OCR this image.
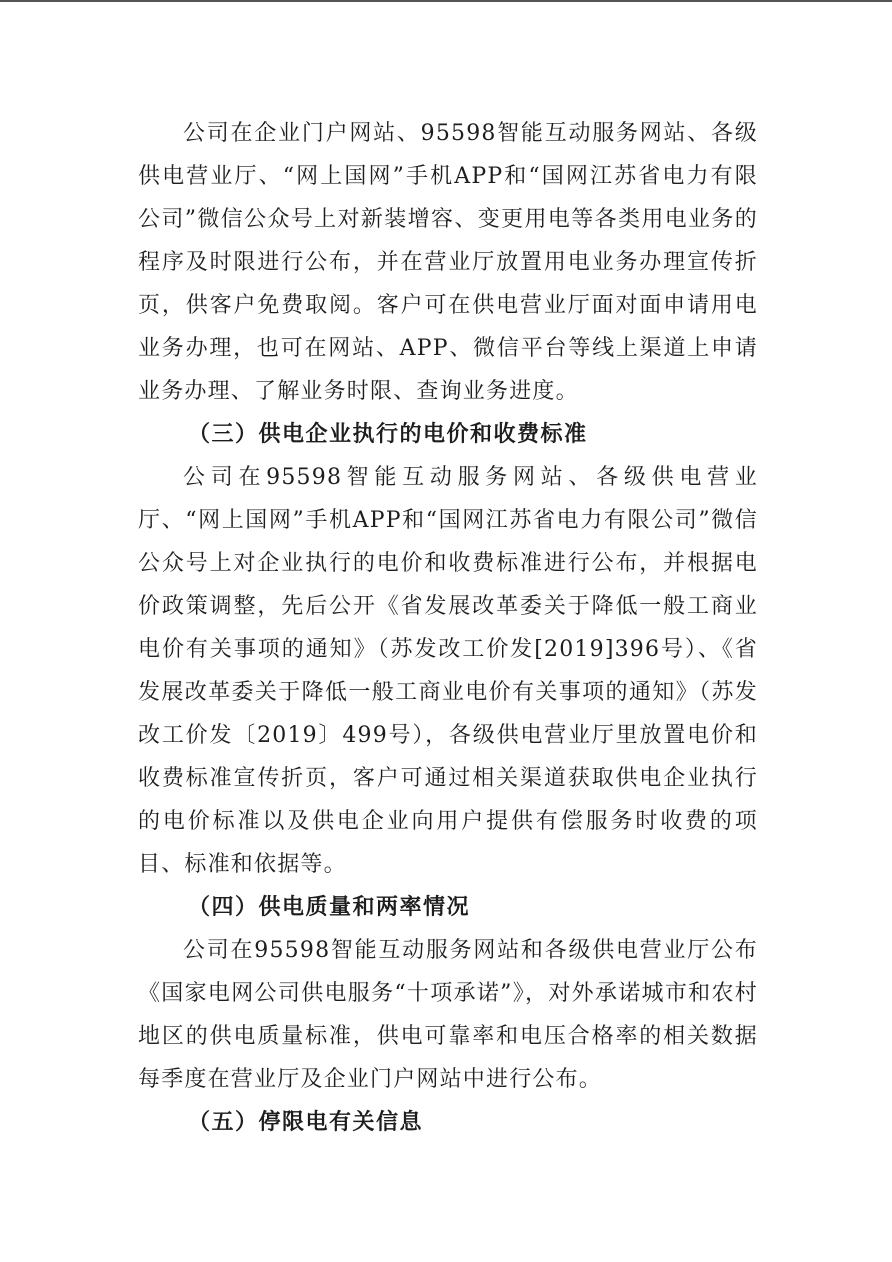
公司在企业门户网站、95598智能互动服务网站、各级供电营业厅、“网上国网”手机APP和“国网江苏省电力有限公司”微信公众号上对新装增容、变更用电等各类用电业务的程序及时限进行公布，并在营业厅放置用电业务办理宣传折页，供客户免费取阅。客户可在供电营业厅面对面申请用电业务办理，也可在网站、APP、微信平台等线上渠道上申请业务办理、了解业务时限、查询业务进度。

（三）供电企业执行的电价和收费标准

公司在95598智能互动服务网站、各级供电营业厅、“网上国网”手机APP和“国网江苏省电力有限公司”微信公众号上对企业执行的电价和收费标准进行公布，并根据电价政策调整，先后公开《省发展改革委关于降低一般工商业电价有关事项的通知》（苏发改工价发[2019]396号）、《省发展改革委关于降低一般工商业电价有关事项的通知》（苏发改工价发〔2019〕499号），各级供电营业厅里放置电价和收费标准宣传折页，客户可通过相关渠道获取供电企业执行的电价标准以及供电企业向用户提供有偿服务时收费的项目、标准和依据等。

（四）供电质量和两率情况

公司在95598智能互动服务网站和各级供电营业厅公布《国家电网公司供电服务“十项承诺”》，对外承诺城市和农村地区的供电质量标准，供电可靠率和电压合格率的相关数据每季度在营业厅及企业门户网站中进行公布。

（五）停限电有关信息
